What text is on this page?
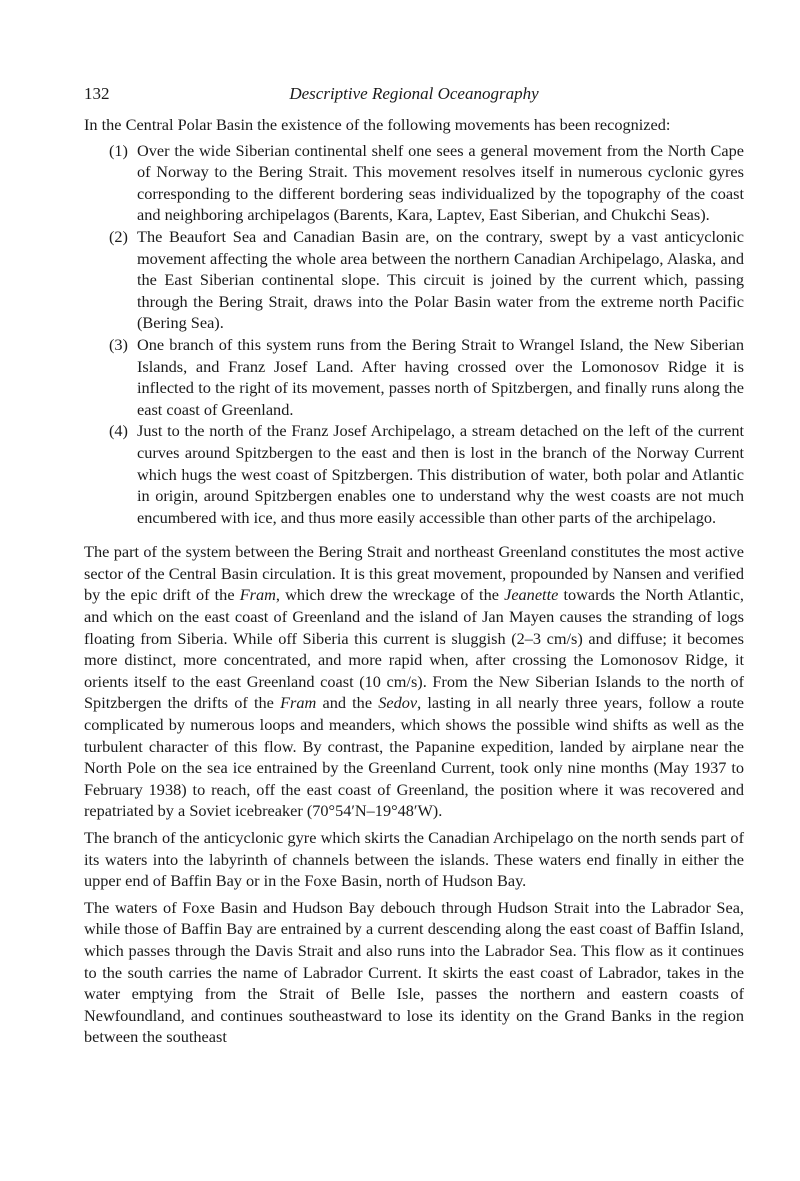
132	Descriptive Regional Oceanography

In the Central Polar Basin the existence of the following movements has been recognized:

(1) Over the wide Siberian continental shelf one sees a general movement from the North Cape of Norway to the Bering Strait. This movement resolves itself in numerous cyclonic gyres corresponding to the different bordering seas individualized by the topography of the coast and neighboring archipelagos (Barents, Kara, Laptev, East Siberian, and Chukchi Seas).
(2) The Beaufort Sea and Canadian Basin are, on the contrary, swept by a vast anticyclonic movement affecting the whole area between the northern Canadian Archipelago, Alaska, and the East Siberian continental slope. This circuit is joined by the current which, passing through the Bering Strait, draws into the Polar Basin water from the extreme north Pacific (Bering Sea).
(3) One branch of this system runs from the Bering Strait to Wrangel Island, the New Siberian Islands, and Franz Josef Land. After having crossed over the Lomonosov Ridge it is inflected to the right of its movement, passes north of Spitzbergen, and finally runs along the east coast of Greenland.
(4) Just to the north of the Franz Josef Archipelago, a stream detached on the left of the current curves around Spitzbergen to the east and then is lost in the branch of the Norway Current which hugs the west coast of Spitzbergen. This distribution of water, both polar and Atlantic in origin, around Spitzbergen enables one to understand why the west coasts are not much encumbered with ice, and thus more easily accessible than other parts of the archipelago.

The part of the system between the Bering Strait and northeast Greenland constitutes the most active sector of the Central Basin circulation. It is this great movement, propounded by Nansen and verified by the epic drift of the Fram, which drew the wreckage of the Jeanette towards the North Atlantic, and which on the east coast of Greenland and the island of Jan Mayen causes the stranding of logs floating from Siberia. While off Siberia this current is sluggish (2–3 cm/s) and diffuse; it becomes more distinct, more concentrated, and more rapid when, after crossing the Lomonosov Ridge, it orients itself to the east Greenland coast (10 cm/s). From the New Siberian Islands to the north of Spitzbergen the drifts of the Fram and the Sedov, lasting in all nearly three years, follow a route complicated by numerous loops and meanders, which shows the possible wind shifts as well as the turbulent character of this flow. By contrast, the Papanine expedition, landed by airplane near the North Pole on the sea ice entrained by the Greenland Current, took only nine months (May 1937 to February 1938) to reach, off the east coast of Greenland, the position where it was recovered and repatriated by a Soviet icebreaker (70°54′N–19°48′W).

The branch of the anticyclonic gyre which skirts the Canadian Archipelago on the north sends part of its waters into the labyrinth of channels between the islands. These waters end finally in either the upper end of Baffin Bay or in the Foxe Basin, north of Hudson Bay.

The waters of Foxe Basin and Hudson Bay debouch through Hudson Strait into the Labrador Sea, while those of Baffin Bay are entrained by a current descending along the east coast of Baffin Island, which passes through the Davis Strait and also runs into the Labrador Sea. This flow as it continues to the south carries the name of Labrador Current. It skirts the east coast of Labrador, takes in the water emptying from the Strait of Belle Isle, passes the northern and eastern coasts of Newfoundland, and continues southeastward to lose its identity on the Grand Banks in the region between the southeast
